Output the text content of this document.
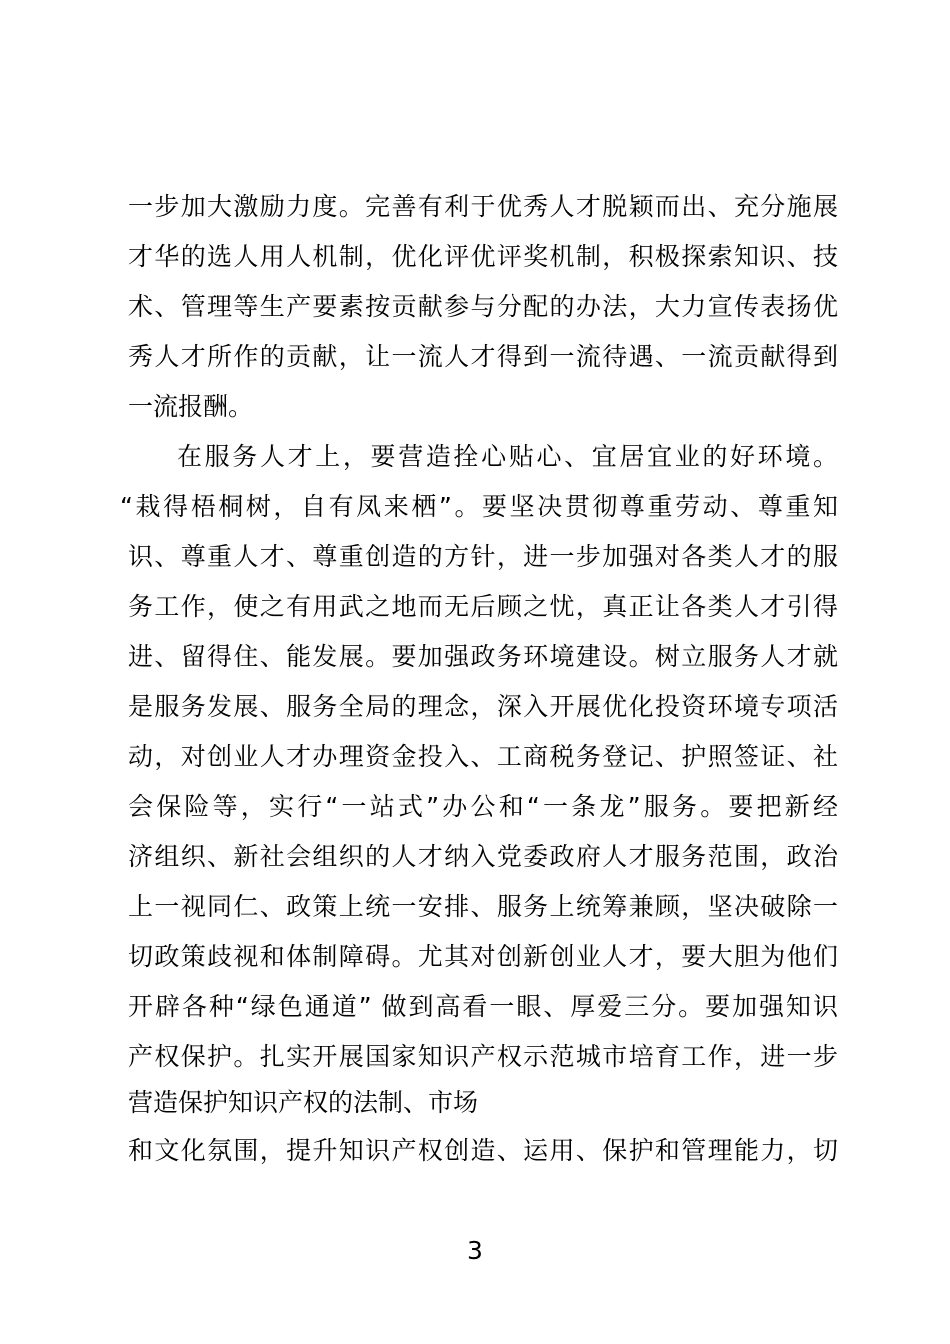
一步加大激励力度。完善有利于优秀人才脱颖而出、充分施展
才华的选人用人机制，优化评优评奖机制，积极探索知识、技
术、管理等生产要素按贡献参与分配的办法，大力宣传表扬优
秀人才所作的贡献，让一流人才得到一流待遇、一流贡献得到
一流报酬。
在服务人才上，要营造拴心贴心、宜居宜业的好环境。
“栽得梧桐树，自有凤来栖”。要坚决贯彻尊重劳动、尊重知
识、尊重人才、尊重创造的方针，进一步加强对各类人才的服
务工作，使之有用武之地而无后顾之忧，真正让各类人才引得
进、留得住、能发展。要加强政务环境建设。树立服务人才就
是服务发展、服务全局的理念，深入开展优化投资环境专项活
动，对创业人才办理资金投入、工商税务登记、护照签证、社
会保险等，实行“一站式”办公和“一条龙”服务。要把新经
济组织、新社会组织的人才纳入党委政府人才服务范围，政治
上一视同仁、政策上统一安排、服务上统筹兼顾，坚决破除一
切政策歧视和体制障碍。尤其对创新创业人才，要大胆为他们
开辟各种“绿色通道” 做到高看一眼、厚爱三分。要加强知识
产权保护。扎实开展国家知识产权示范城市培育工作，进一步
营造保护知识产权的法制、市场
和文化氛围，提升知识产权创造、运用、保护和管理能力，切
3
